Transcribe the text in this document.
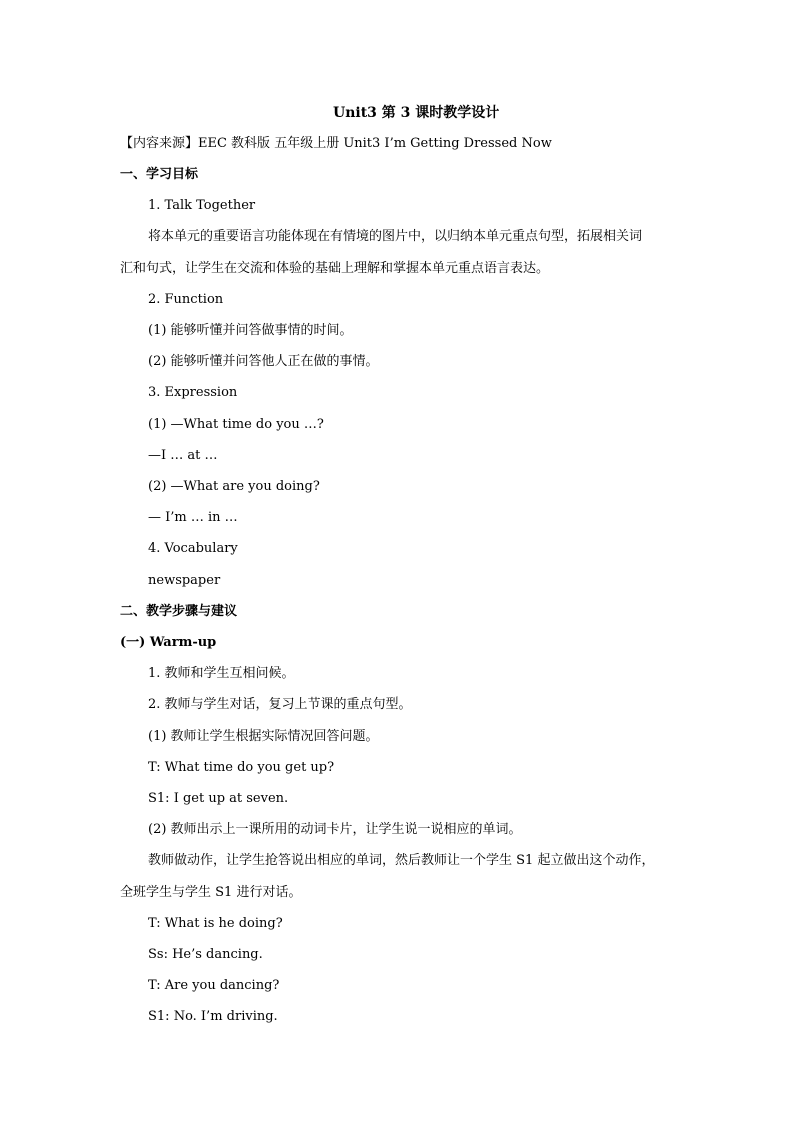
Unit3 第 3 课时教学设计
【内容来源】EEC 教科版 五年级上册 Unit3 I’m Getting Dressed Now
一、学习目标
1. Talk Together
将本单元的重要语言功能体现在有情境的图片中，以归纳本单元重点句型，拓展相关词
汇和句式，让学生在交流和体验的基础上理解和掌握本单元重点语言表达。
2. Function
(1) 能够听懂并问答做事情的时间。
(2) 能够听懂并问答他人正在做的事情。
3. Expression
(1) —What time do you …?
—I … at …
(2) —What are you doing?
— I’m … in …
4. Vocabulary
newspaper
二、教学步骤与建议
(一) Warm-up
1. 教师和学生互相问候。
2. 教师与学生对话，复习上节课的重点句型。
(1) 教师让学生根据实际情况回答问题。
T: What time do you get up?
S1: I get up at seven.
(2) 教师出示上一课所用的动词卡片，让学生说一说相应的单词。
教师做动作，让学生抢答说出相应的单词，然后教师让一个学生 S1 起立做出这个动作，
全班学生与学生 S1 进行对话。
T: What is he doing?
Ss: He’s dancing.
T: Are you dancing?
S1: No. I’m driving.
